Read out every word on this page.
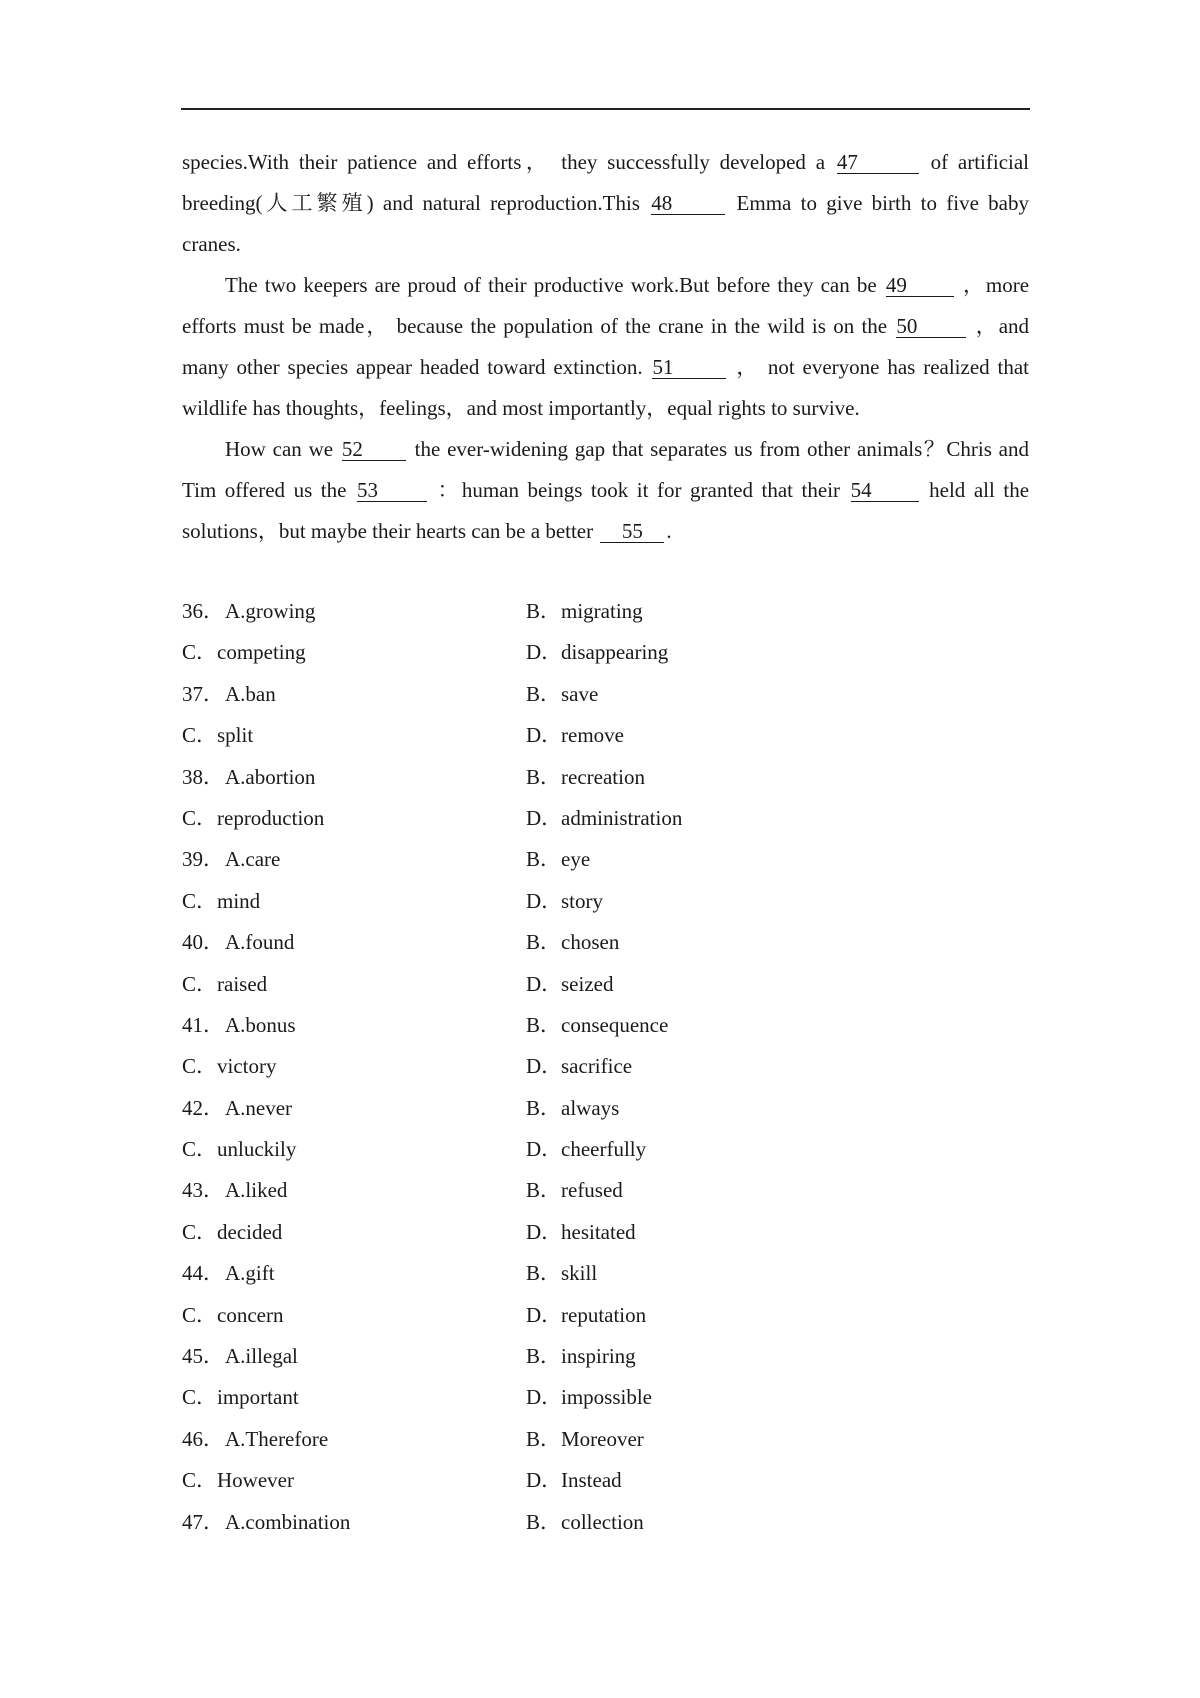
species.With their patience and efforts， they successfully developed a 47	of artificial
breeding(人工繁殖) and natural reproduction.This 48	Emma to give birth to five baby
cranes.
The two keepers are proud of their productive work.But before they can be 49	，more
efforts must be made， because the population of the crane in the wild is on the 50	，and
many other species appear headed toward extinction. 51	， not everyone has realized that
wildlife has thoughts，feelings，and most importantly，equal rights to survive.
How can we 52 the ever-widening gap that separates us from other animals？Chris and
Tim offered us the 53	：human beings took it for granted that their 54	held all the
solutions，but maybe their hearts can be a better 55 .
36．A.growing	B．migrating
C．competing	D．disappearing
37．A.ban	B．save
C．split	D．remove
38．A.abortion	B．recreation
C．reproduction	D．administration
39．A.care	B．eye
C．mind	D．story
40．A.found	B．chosen
C．raised	D．seized
41．A.bonus	B．consequence
C．victory	D．sacrifice
42．A.never	B．always
C．unluckily	D．cheerfully
43．A.liked	B．refused
C．decided	D．hesitated
44．A.gift	B．skill
C．concern	D．reputation
45．A.illegal	B．inspiring
C．important	D．impossible
46．A.Therefore	B．Moreover
C．However	D．Instead
47．A.combination	B．collection
